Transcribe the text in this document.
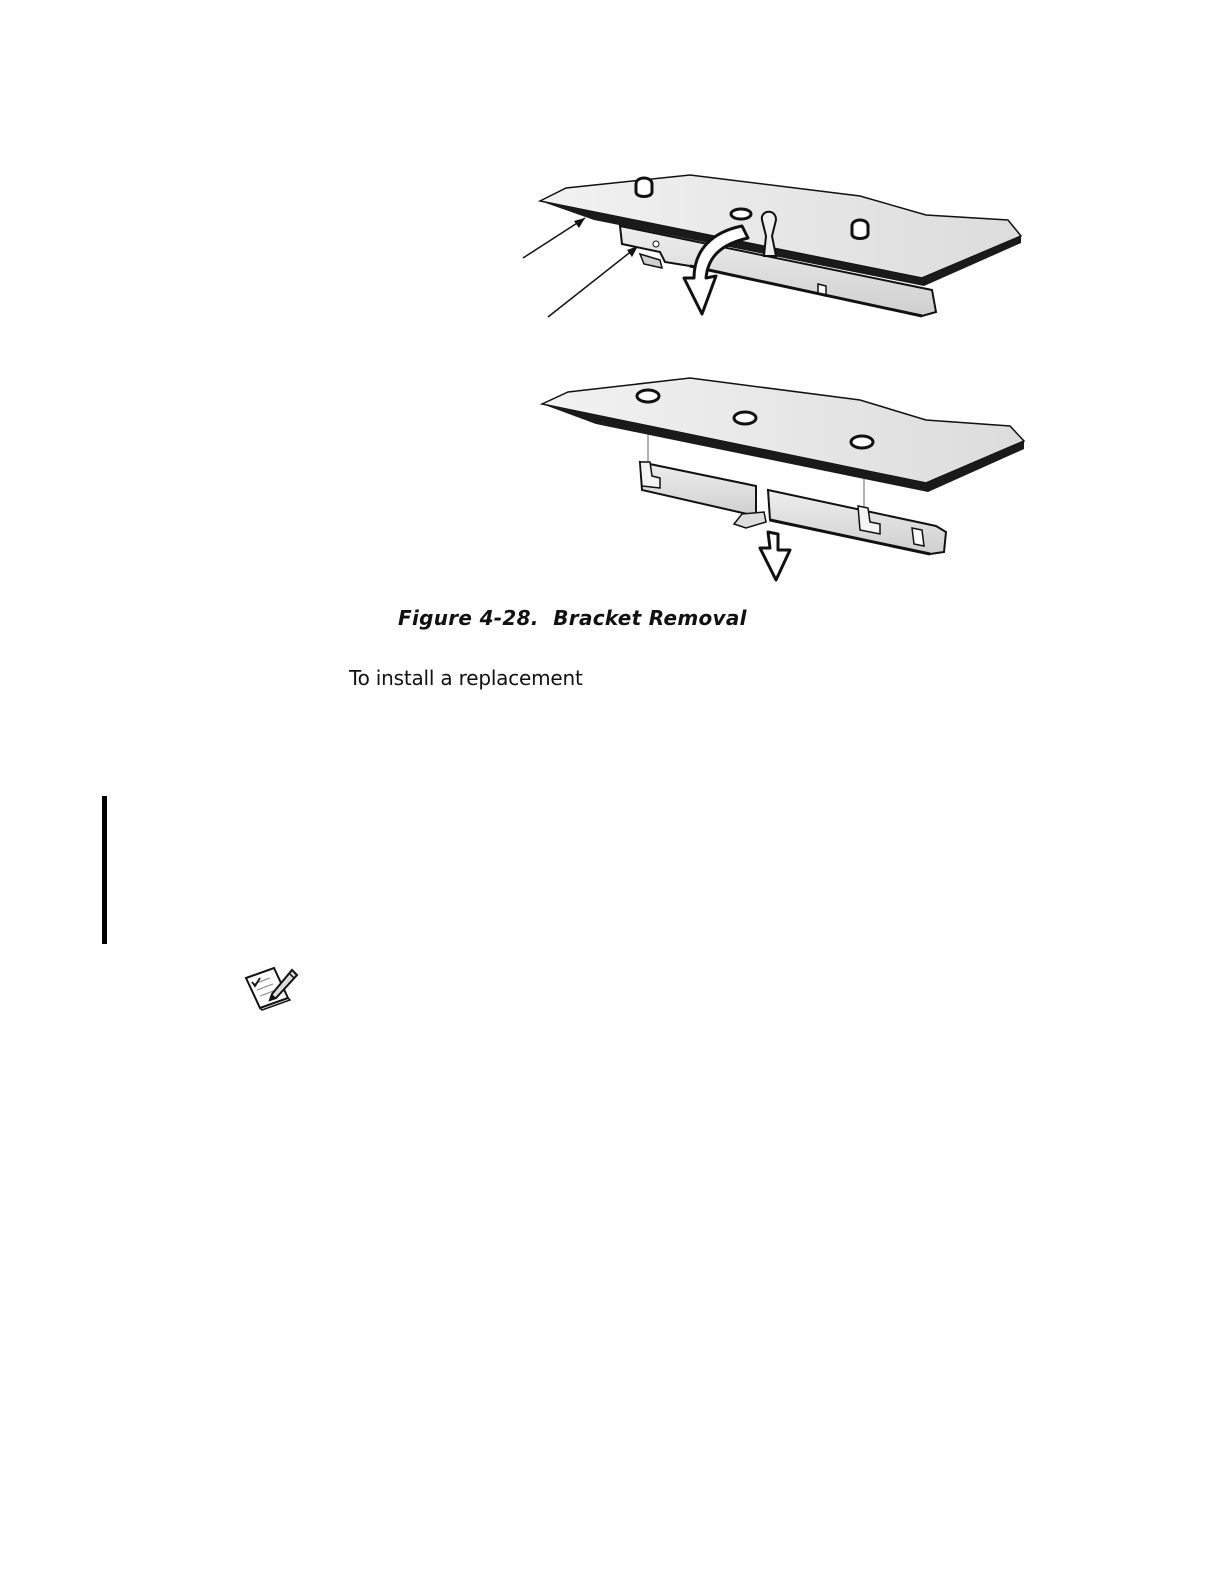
Figure 4-28.  Bracket Removal
To install a replacement
